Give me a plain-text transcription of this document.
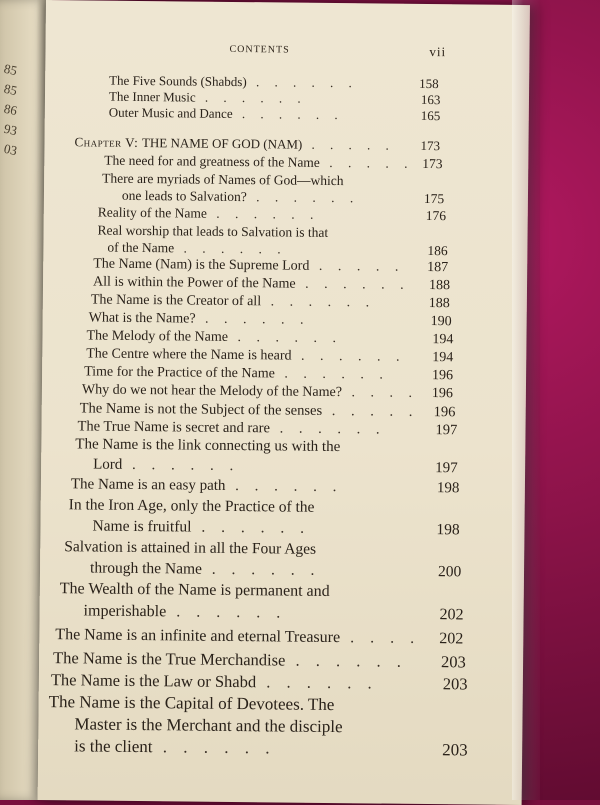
85
85
86
93
03
CONTENTS	vii
The Five Sounds (Shabds) . . . . . .	158
The Inner Music . . . . . .	163
Outer Music and Dance . . . . . .	165
Chapter V: THE NAME OF GOD (NAM) . . . . . 173
The need for and greatness of the Name . . . . . 173
There are myriads of Names of God—which
one leads to Salvation? . . . . . .	175
Reality of the Name . . . . . .	176
Real worship that leads to Salvation is that
of the Name . . . . . .	186
The Name (Nam) is the Supreme Lord . . . . . 187
All is within the Power of the Name . . . . . . 188
The Name is the Creator of all . . . . . .	188
What is the Name? . . . . . .	190
The Melody of the Name . . . . . .	194
The Centre where the Name is heard . . . . . . 194
Time for the Practice of the Name . . . . . .	196
Why do we not hear the Melody of the Name? . . . . 196
The Name is not the Subject of the senses . . . . . 196
The True Name is secret and rare . . . . . .	197
The Name is the link connecting us with the
Lord . . . . . .	197
The Name is an easy path . . . . . .	198
In the Iron Age, only the Practice of the
Name is fruitful . . . . . .	198
Salvation is attained in all the Four Ages
through the Name . . . . . .	200
The Wealth of the Name is permanent and
imperishable . . . . . .	202
The Name is an infinite and eternal Treasure . . . . 202
The Name is the True Merchandise . . . . . . 203
The Name is the Law or Shabd . . . . . .	203
The Name is the Capital of Devotees. The
Master is the Merchant and the disciple
is the client . . . . . .	203
